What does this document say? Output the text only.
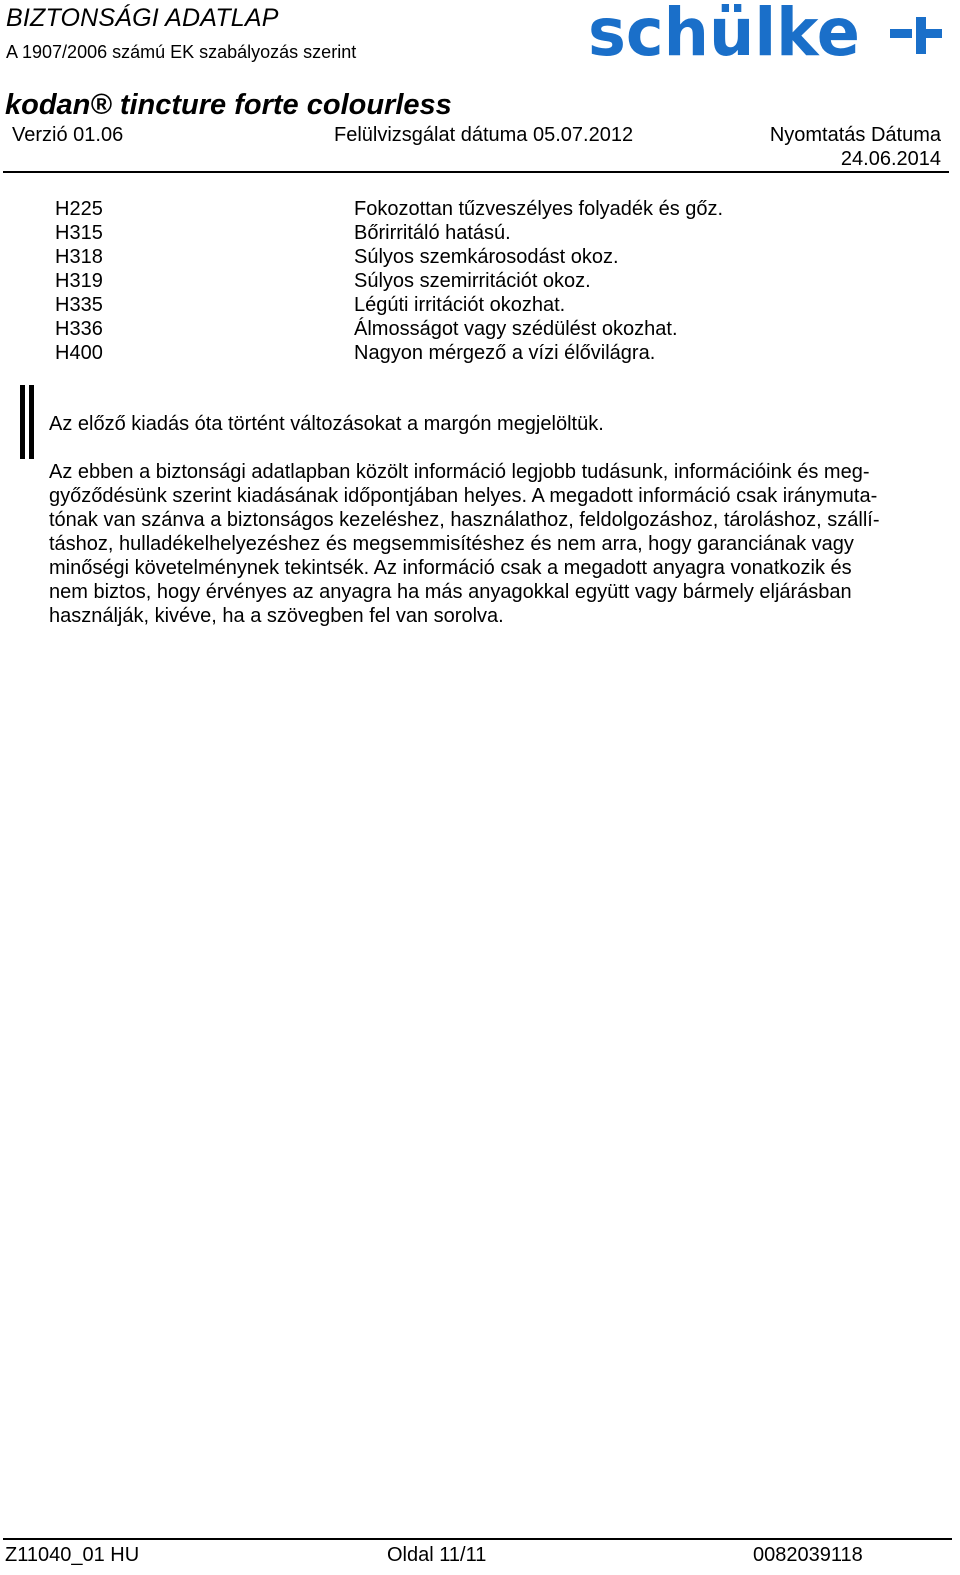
BIZTONSÁGI ADATLAP
A 1907/2006 számú EK szabályozás szerint	schülke
kodan® tincture forte colourless
Verzió 01.06	Felülvizsgálat dátuma 05.07.2012	Nyomtatás Dátuma
24.06.2014
H225	Fokozottan tűzveszélyes folyadék és gőz.
H315	Bőrirritáló hatású.
H318	Súlyos szemkárosodást okoz.
H319	Súlyos szemirritációt okoz.
H335	Légúti irritációt okozhat.
H336	Álmosságot vagy szédülést okozhat.
H400	Nagyon mérgező a vízi élővilágra.
Az előző kiadás óta történt változásokat a margón megjelöltük.
Az ebben a biztonsági adatlapban közölt információ legjobb tudásunk, információink és meg-
győződésünk szerint kiadásának időpontjában helyes. A megadott információ csak iránymuta-
tónak van szánva a biztonságos kezeléshez, használathoz, feldolgozáshoz, tároláshoz, szállí-
táshoz, hulladékelhelyezéshez és megsemmisítéshez és nem arra, hogy garanciának vagy
minőségi követelménynek tekintsék. Az információ csak a megadott anyagra vonatkozik és
nem biztos, hogy érvényes az anyagra ha más anyagokkal együtt vagy bármely eljárásban
használják, kivéve, ha a szövegben fel van sorolva.
Z11040_01 HU	Oldal 11/11	0082039118
